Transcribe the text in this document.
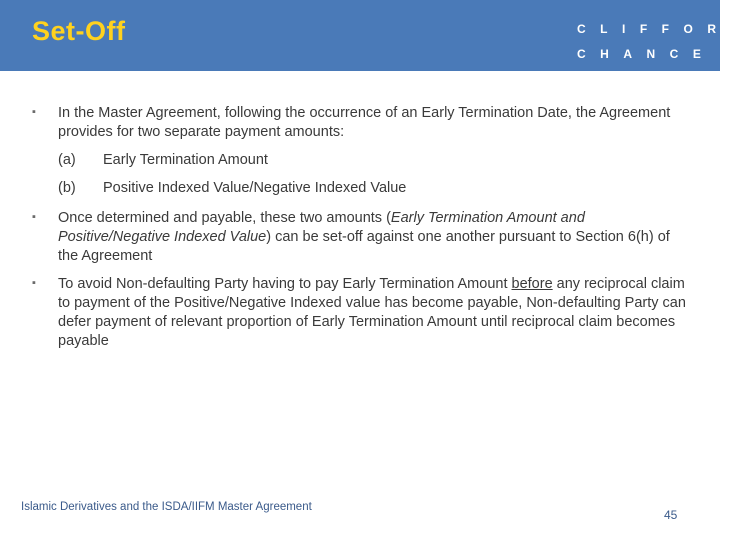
Set-Off	CLIFFORD
CHANCE
▪ In the Master Agreement, following the occurrence of an Early Termination Date, the Agreement provides for two separate payment amounts:
(a) Early Termination Amount
(b) Positive Indexed Value/Negative Indexed Value
▪ Once determined and payable, these two amounts (Early Termination Amount and Positive/Negative Indexed Value) can be set-off against one another pursuant to Section 6(h) of the Agreement
▪ To avoid Non-defaulting Party having to pay Early Termination Amount before any reciprocal claim to payment of the Positive/Negative Indexed value has become payable, Non-defaulting Party can defer payment of relevant proportion of Early Termination Amount until reciprocal claim becomes payable
Islamic Derivatives and the ISDA/IIFM Master Agreement
45
